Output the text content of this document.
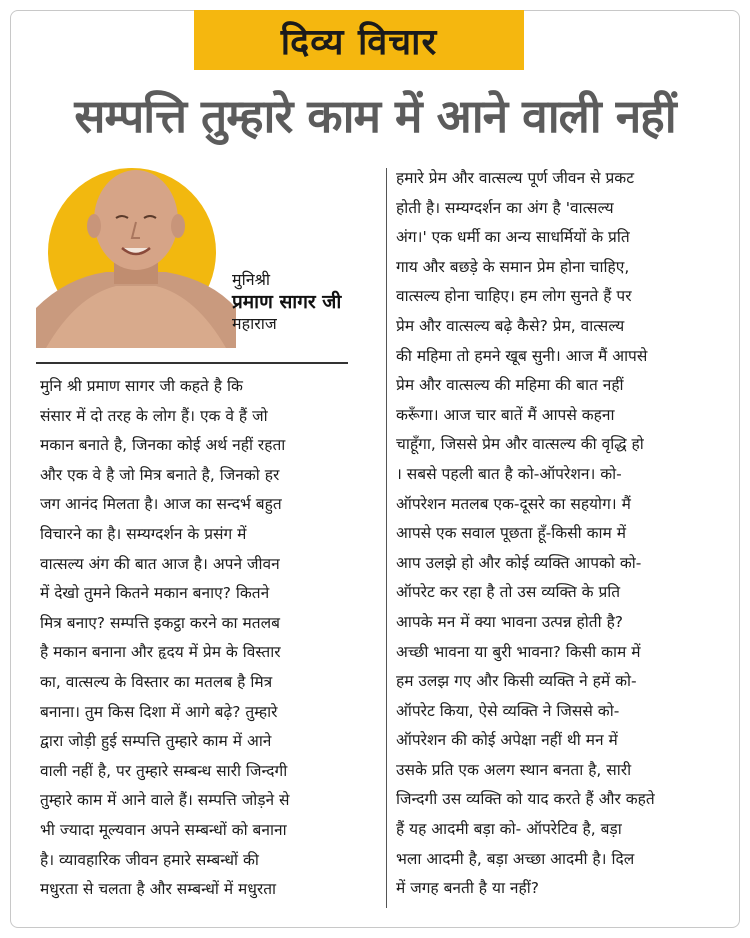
दिव्य विचार
सम्पत्ति तुम्हारे काम में आने वाली नहीं
मुनिश्री
प्रमाण सागर जी
महाराज
मुनि श्री प्रमाण सागर जी कहते है कि
संसार में दो तरह के लोग हैं। एक वे हैं जो
मकान बनाते है, जिनका कोई अर्थ नहीं रहता
और एक वे है जो मित्र बनाते है, जिनको हर
जग आनंद मिलता है। आज का सन्दर्भ बहुत
विचारने का है। सम्यग्दर्शन के प्रसंग में
वात्सल्य अंग की बात आज है। अपने जीवन
में देखो तुमने कितने मकान बनाए? कितने
मित्र बनाए? सम्पत्ति इकट्ठा करने का मतलब
है मकान बनाना और हृदय में प्रेम के विस्तार
का, वात्सल्य के विस्तार का मतलब है मित्र
बनाना। तुम किस दिशा में आगे बढ़े? तुम्हारे
द्वारा जोड़ी हुई सम्पत्ति तुम्हारे काम में आने
वाली नहीं है, पर तुम्हारे सम्बन्ध सारी जिन्दगी
तुम्हारे काम में आने वाले हैं। सम्पत्ति जोड़ने से
भी ज्यादा मूल्यवान अपने सम्बन्धों को बनाना
है। व्यावहारिक जीवन हमारे सम्बन्धों की
मधुरता से चलता है और सम्बन्धों में मधुरता
हमारे प्रेम और वात्सल्य पूर्ण जीवन से प्रकट
होती है। सम्यग्दर्शन का अंग है 'वात्सल्य
अंग।' एक धर्मी का अन्य साधर्मियों के प्रति
गाय और बछड़े के समान प्रेम होना चाहिए,
वात्सल्य होना चाहिए। हम लोग सुनते हैं पर
प्रेम और वात्सल्य बढ़े कैसे? प्रेम, वात्सल्य
की महिमा तो हमने खूब सुनी। आज मैं आपसे
प्रेम और वात्सल्य की महिमा की बात नहीं
करूँगा। आज चार बातें मैं आपसे कहना
चाहूँगा, जिससे प्रेम और वात्सल्य की वृद्धि हो
। सबसे पहली बात है को-ऑपरेशन। को-
ऑपरेशन मतलब एक-दूसरे का सहयोग। मैं
आपसे एक सवाल पूछता हूँ-किसी काम में
आप उलझे हो और कोई व्यक्ति आपको को-
ऑपरेट कर रहा है तो उस व्यक्ति के प्रति
आपके मन में क्या भावना उत्पन्न होती है?
अच्छी भावना या बुरी भावना? किसी काम में
हम उलझ गए और किसी व्यक्ति ने हमें को-
ऑपरेट किया, ऐसे व्यक्ति ने जिससे को-
ऑपरेशन की कोई अपेक्षा नहीं थी मन में
उसके प्रति एक अलग स्थान बनता है, सारी
जिन्दगी उस व्यक्ति को याद करते हैं और कहते
हैं यह आदमी बड़ा को- ऑपरेटिव है, बड़ा
भला आदमी है, बड़ा अच्छा आदमी है। दिल
में जगह बनती है या नहीं?
